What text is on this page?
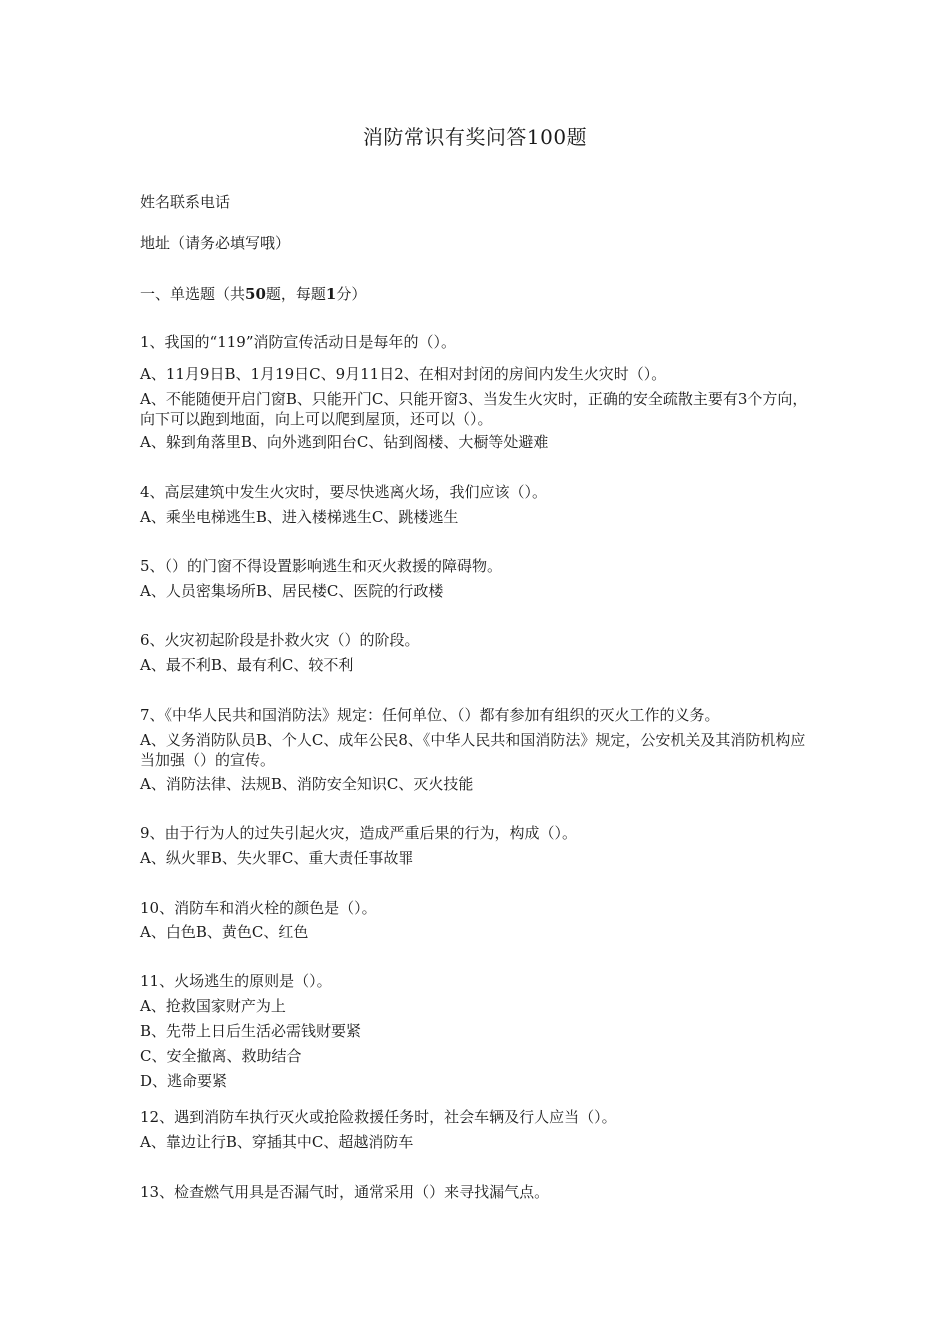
消防常识有奖问答100题
姓名联系电话
地址（请务必填写哦）
一、单选题（共50题，每题1分）
1、我国的“119”消防宣传活动日是每年的（）。
A、11月9日B、1月19日C、9月11日2、在相对封闭的房间内发生火灾时（）。
A、不能随便开启门窗B、只能开门C、只能开窗3、当发生火灾时，正确的安全疏散主要有3个方向，向下可以跑到地面，向上可以爬到屋顶，还可以（）。
A、躲到角落里B、向外逃到阳台C、钻到阁楼、大橱等处避难
4、高层建筑中发生火灾时，要尽快逃离火场，我们应该（）。
A、乘坐电梯逃生B、进入楼梯逃生C、跳楼逃生
5、（）的门窗不得设置影响逃生和灭火救援的障碍物。
A、人员密集场所B、居民楼C、医院的行政楼
6、火灾初起阶段是扑救火灾（）的阶段。
A、最不利B、最有利C、较不利
7、《中华人民共和国消防法》规定：任何单位、（）都有参加有组织的灭火工作的义务。
A、义务消防队员B、个人C、成年公民8、《中华人民共和国消防法》规定，公安机关及其消防机构应当加强（）的宣传。
A、消防法律、法规B、消防安全知识C、灭火技能
9、由于行为人的过失引起火灾，造成严重后果的行为，构成（）。
A、纵火罪B、失火罪C、重大责任事故罪
10、消防车和消火栓的颜色是（）。
A、白色B、黄色C、红色
11、火场逃生的原则是（）。
A、抢救国家财产为上
B、先带上日后生活必需钱财要紧
C、安全撤离、救助结合
D、逃命要紧
12、遇到消防车执行灭火或抢险救援任务时，社会车辆及行人应当（）。
A、靠边让行B、穿插其中C、超越消防车
13、检查燃气用具是否漏气时，通常采用（）来寻找漏气点。
